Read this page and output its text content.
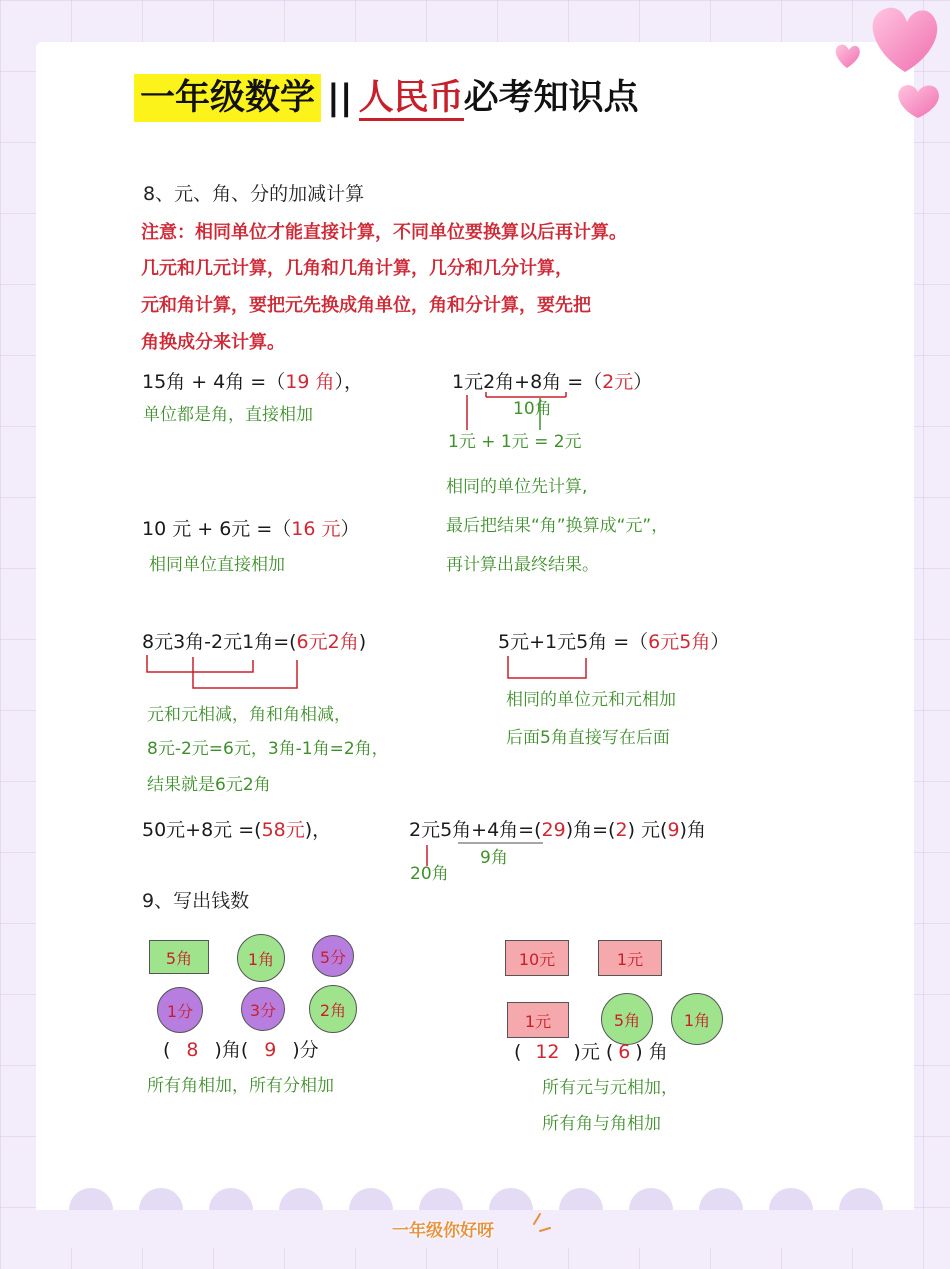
一年级数学 || 人民币必考知识点
8、元、角、分的加减计算
注意：相同单位才能直接计算，不同单位要换算以后再计算。
几元和几元计算，几角和几角计算，几分和几分计算，
元和角计算，要把元先换成角单位，角和分计算，要先把
角换成分来计算。
15角 + 4角 =（19 角），
单位都是角，直接相加
1元2角+8角 =（2元）
10角
1元 + 1元 = 2元
相同的单位先计算,
最后把结果“角”换算成“元”，
再计算出最终结果。
10 元 + 6元 =（16 元）
相同单位直接相加
8元3角-2元1角=(6元2角)
元和元相减，角和角相减，
8元-2元=6元，3角-1角=2角，
结果就是6元2角
5元+1元5角 =（6元5角）
相同的单位元和元相加
后面5角直接写在后面
50元+8元 =(58元)，	2元5角+4角=(29)角=(2) 元(9)角
9角
20角
9、写出钱数
5角	1角	5分
1分	3分	2角
( 8 )角( 9 )分
所有角相加，所有分相加
10元	1元
1元	5角	1角
( 12 )元 ( 6 ) 角
所有元与元相加，
所有角与角相加
一年级你好呀
